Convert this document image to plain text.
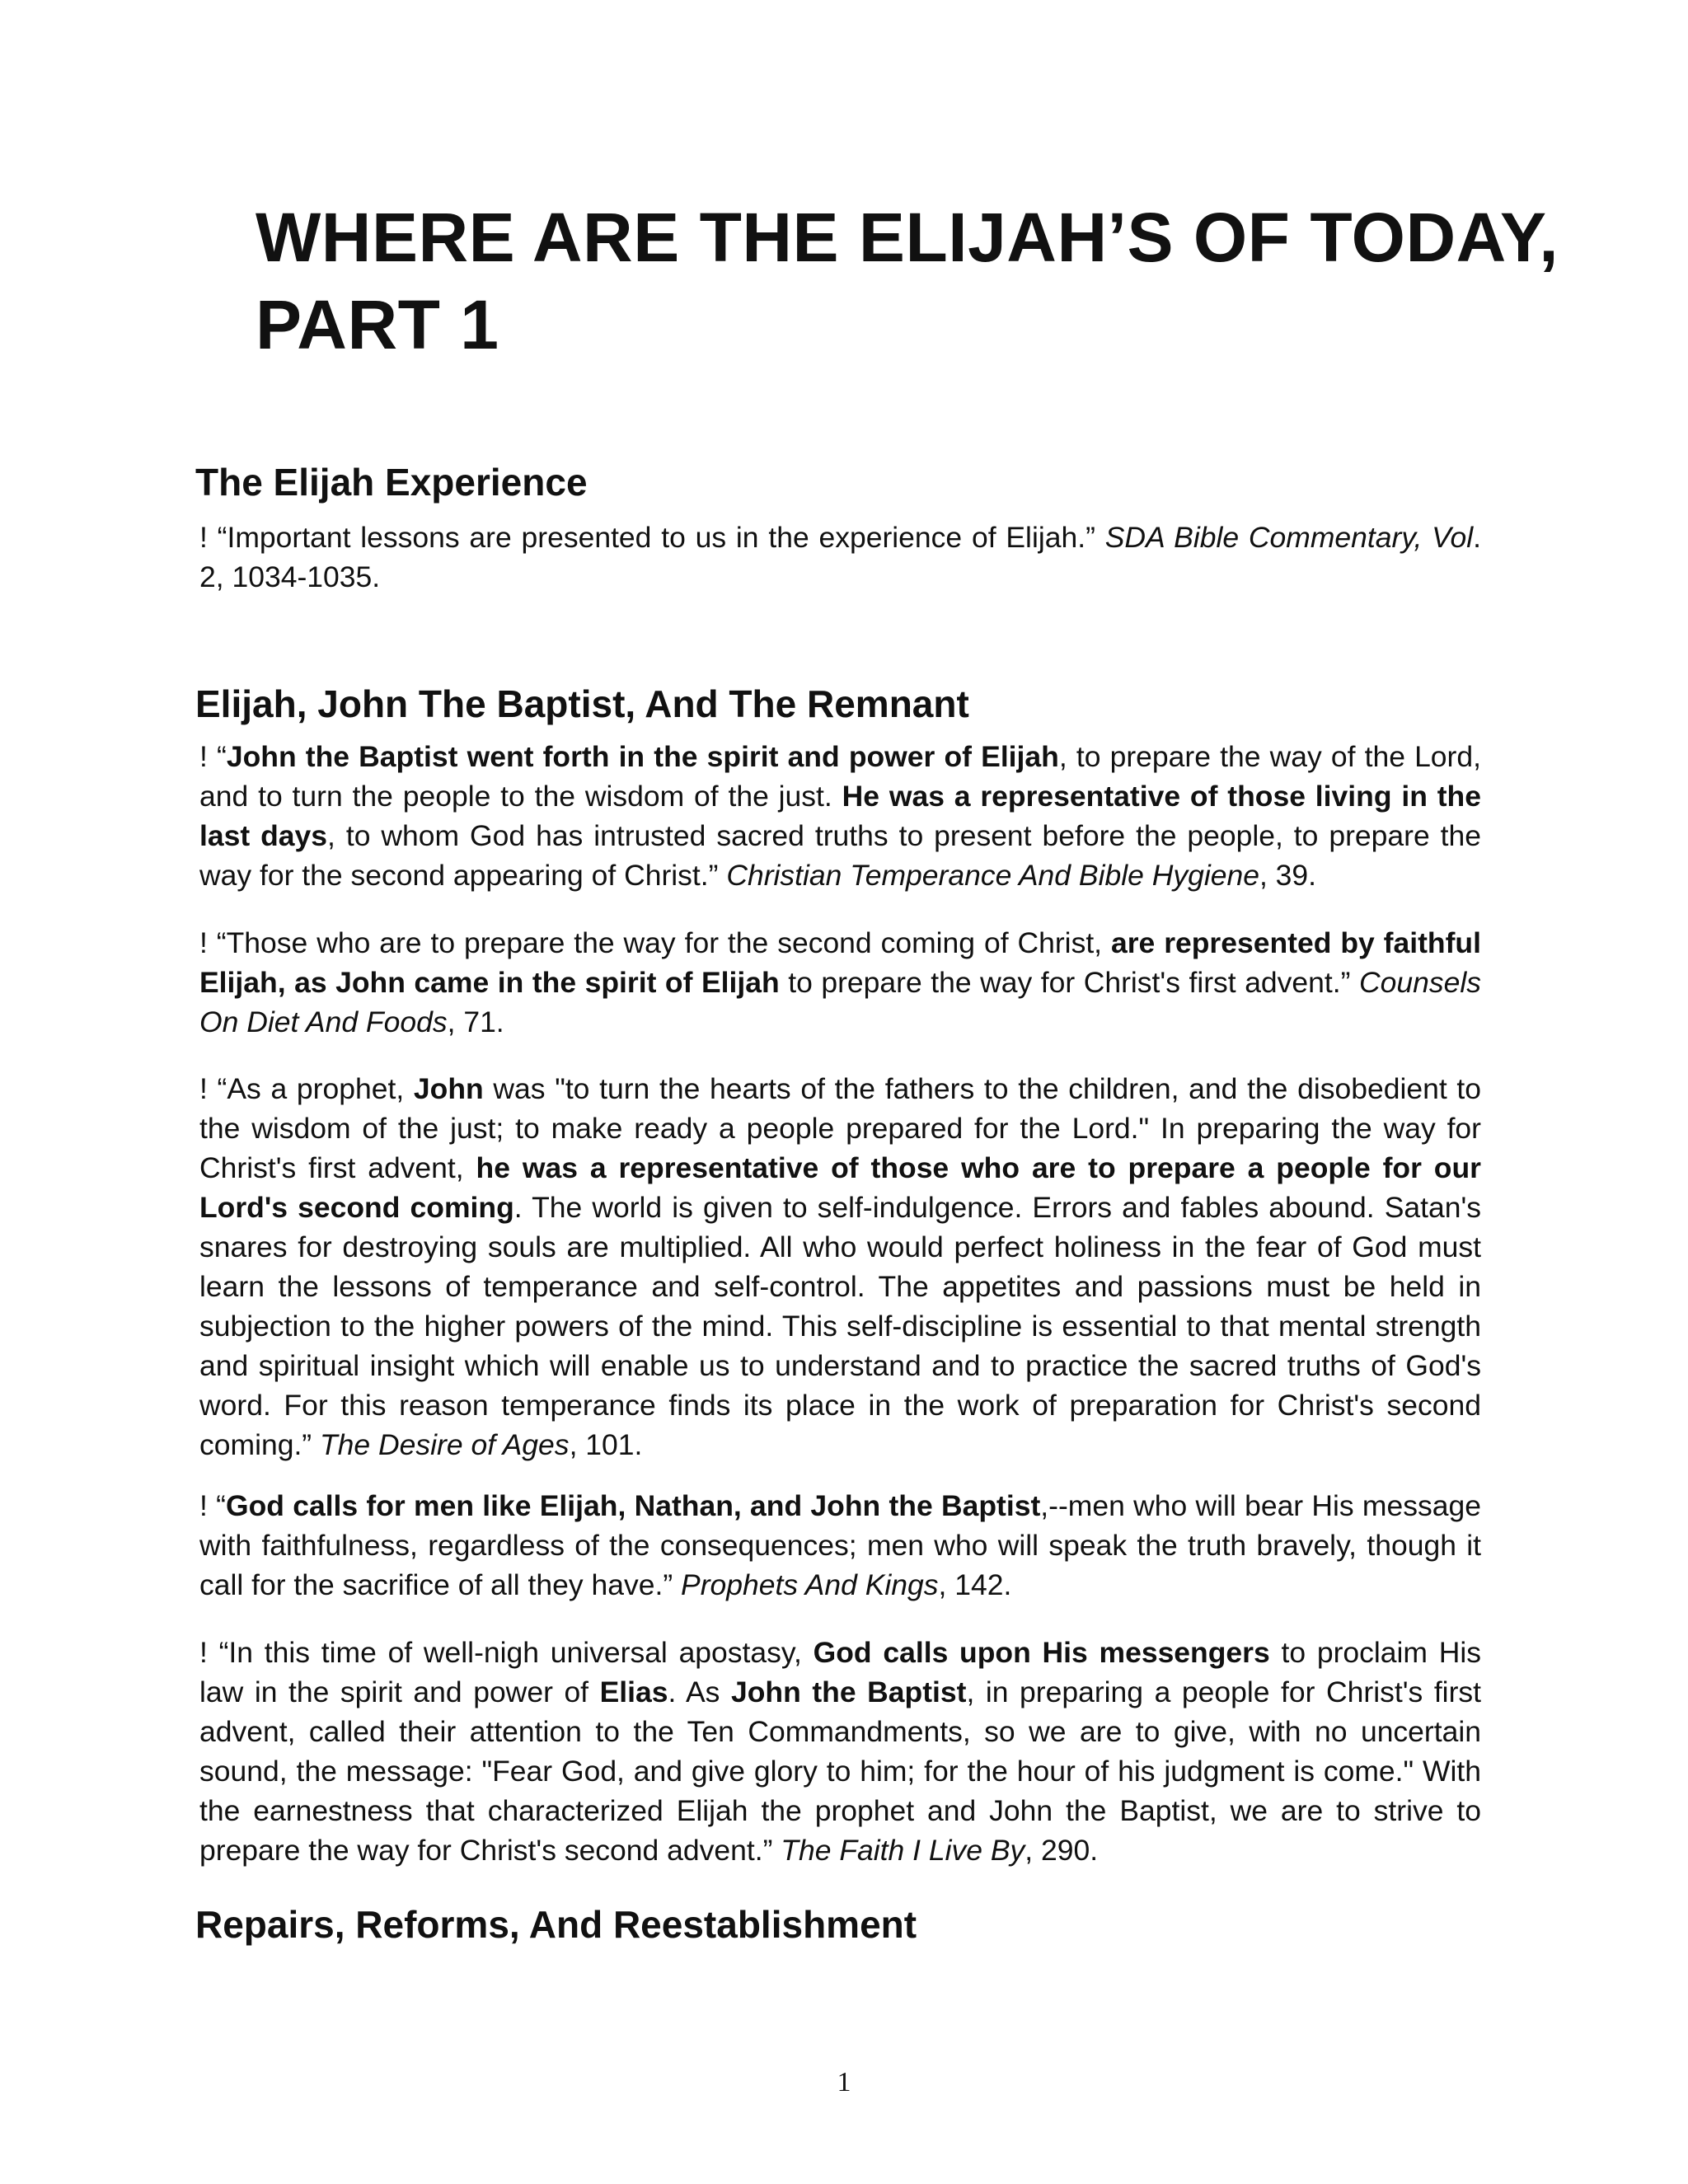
WHERE ARE THE ELIJAH’S OF TODAY, PART 1
The Elijah Experience

! “Important lessons are presented to us in the experience of Elijah.” SDA Bible Commentary, Vol. 2, 1034-1035.

Elijah, John The Baptist, And The Remnant

! “John the Baptist went forth in the spirit and power of Elijah, to prepare the way of the Lord, and to turn the people to the wisdom of the just. He was a representative of those living in the last days, to whom God has intrusted sacred truths to present before the people, to prepare the way for the second appearing of Christ.” Christian Temperance And Bible Hygiene, 39.

! “Those who are to prepare the way for the second coming of Christ, are represented by faithful Elijah, as John came in the spirit of Elijah to prepare the way for Christ's first advent.” Counsels On Diet And Foods, 71.

! “As a prophet, John was "to turn the hearts of the fathers to the children, and the disobedient to the wisdom of the just; to make ready a people prepared for the Lord." In preparing the way for Christ's first advent, he was a representative of those who are to prepare a people for our Lord's second coming. The world is given to self-indulgence. Errors and fables abound. Satan's snares for destroying souls are multiplied. All who would perfect holiness in the fear of God must learn the lessons of temperance and self-control. The appetites and passions must be held in subjection to the higher powers of the mind. This self-discipline is essential to that mental strength and spiritual insight which will enable us to understand and to practice the sacred truths of God's word. For this reason temperance finds its place in the work of preparation for Christ's second coming.” The Desire of Ages, 101.

! “God calls for men like Elijah, Nathan, and John the Baptist,--men who will bear His message with faithfulness, regardless of the consequences; men who will speak the truth bravely, though it call for the sacrifice of all they have.” Prophets And Kings, 142.

! “In this time of well-nigh universal apostasy, God calls upon His messengers to proclaim His law in the spirit and power of Elias. As John the Baptist, in preparing a people for Christ's first advent, called their attention to the Ten Commandments, so we are to give, with no uncertain sound, the message: "Fear God, and give glory to him; for the hour of his judgment is come." With the earnestness that characterized Elijah the prophet and John the Baptist, we are to strive to prepare the way for Christ's second advent.” The Faith I Live By, 290.

Repairs, Reforms, And Reestablishment
1
